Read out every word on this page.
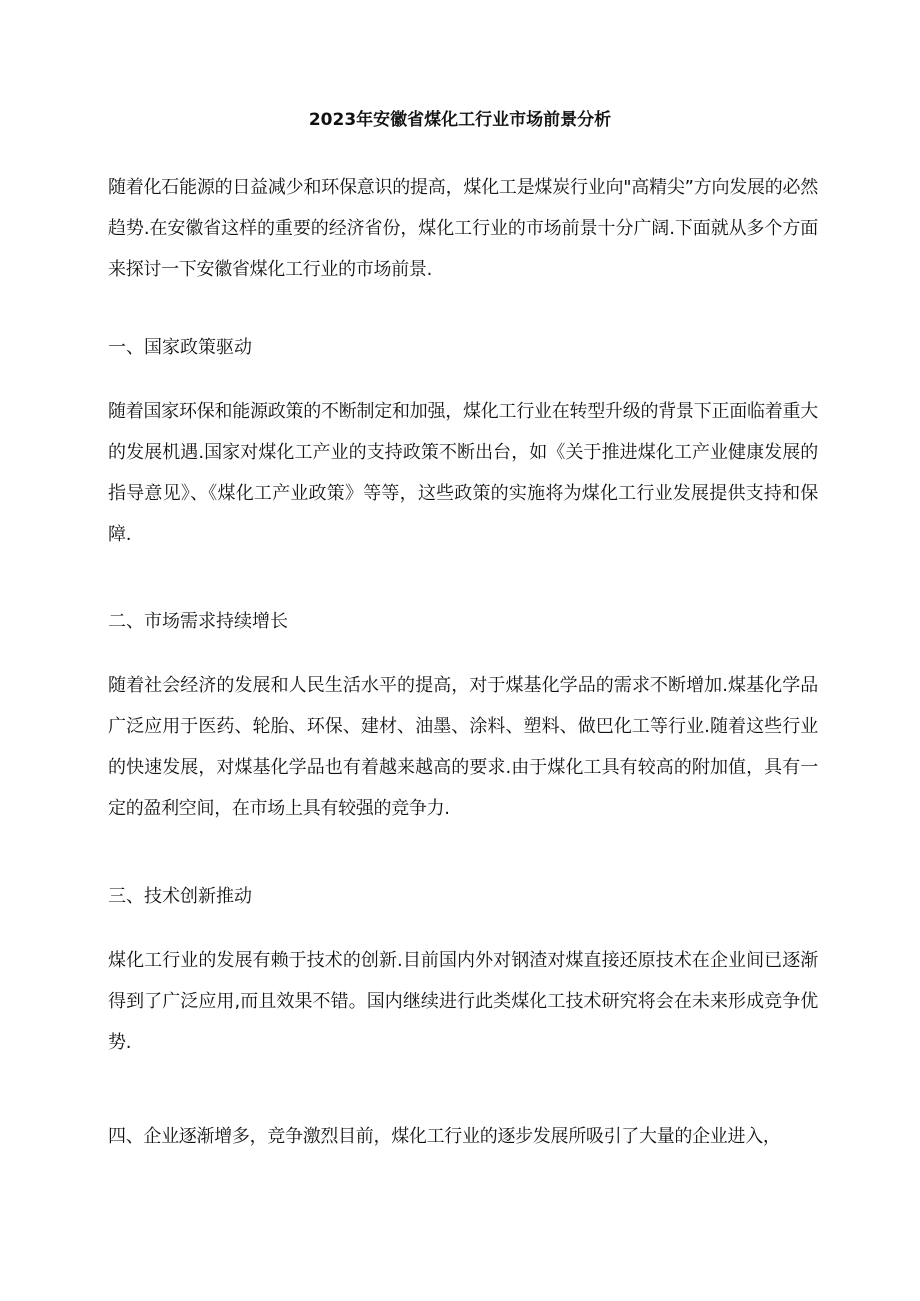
2023年安徽省煤化工行业市场前景分析

随着化石能源的日益减少和环保意识的提高，煤化工是煤炭行业向"高精尖”方向发展的必然趋势.在安徽省这样的重要的经济省份，煤化工行业的市场前景十分广阔.下面就从多个方面来探讨一下安徽省煤化工行业的市场前景.

一、国家政策驱动

随着国家环保和能源政策的不断制定和加强，煤化工行业在转型升级的背景下正面临着重大的发展机遇.国家对煤化工产业的支持政策不断出台，如《关于推进煤化工产业健康发展的指导意见》、《煤化工产业政策》等等，这些政策的实施将为煤化工行业发展提供支持和保障.

二、市场需求持续增长

随着社会经济的发展和人民生活水平的提高，对于煤基化学品的需求不断增加.煤基化学品广泛应用于医药、轮胎、环保、建材、油墨、涂料、塑料、做巴化工等行业.随着这些行业的快速发展，对煤基化学品也有着越来越高的要求.由于煤化工具有较高的附加值，具有一定的盈利空间，在市场上具有较强的竞争力.

三、技术创新推动

煤化工行业的发展有赖于技术的创新.目前国内外对钢渣对煤直接还原技术在企业间已逐渐得到了广泛应用,而且效果不错。国内继续进行此类煤化工技术研究将会在未来形成竞争优势.

四、企业逐渐增多，竞争激烈目前，煤化工行业的逐步发展所吸引了大量的企业进入，
